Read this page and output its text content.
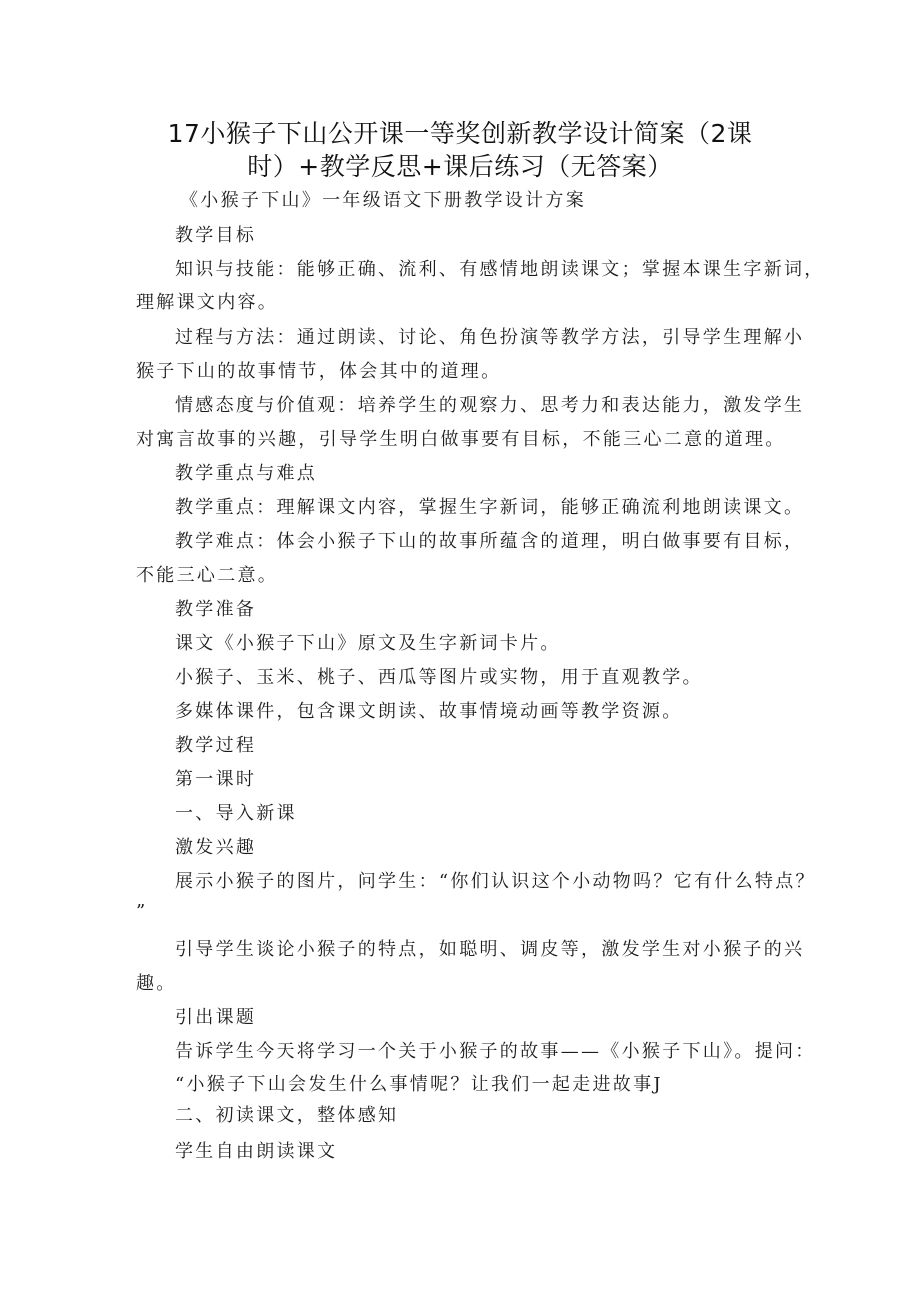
17小猴子下山公开课一等奖创新教学设计简案（2课
时）+教学反思+课后练习（无答案）
《小猴子下山》一年级语文下册教学设计方案
教学目标
知识与技能：能够正确、流利、有感情地朗读课文；掌握本课生字新词，
理解课文内容。
过程与方法：通过朗读、讨论、角色扮演等教学方法，引导学生理解小
猴子下山的故事情节，体会其中的道理。
情感态度与价值观：培养学生的观察力、思考力和表达能力，激发学生
对寓言故事的兴趣，引导学生明白做事要有目标，不能三心二意的道理。
教学重点与难点
教学重点：理解课文内容，掌握生字新词，能够正确流利地朗读课文。
教学难点：体会小猴子下山的故事所蕴含的道理，明白做事要有目标，
不能三心二意。
教学准备
课文《小猴子下山》原文及生字新词卡片。
小猴子、玉米、桃子、西瓜等图片或实物，用于直观教学。
多媒体课件，包含课文朗读、故事情境动画等教学资源。
教学过程
第一课时
一、导入新课
激发兴趣
展示小猴子的图片，问学生：“你们认识这个小动物吗？它有什么特点？
”
引导学生谈论小猴子的特点，如聪明、调皮等，激发学生对小猴子的兴
趣。
引出课题
告诉学生今天将学习一个关于小猴子的故事——《小猴子下山》。提问：
“小猴子下山会发生什么事情呢？让我们一起走进故事J
二、初读课文，整体感知
学生自由朗读课文
